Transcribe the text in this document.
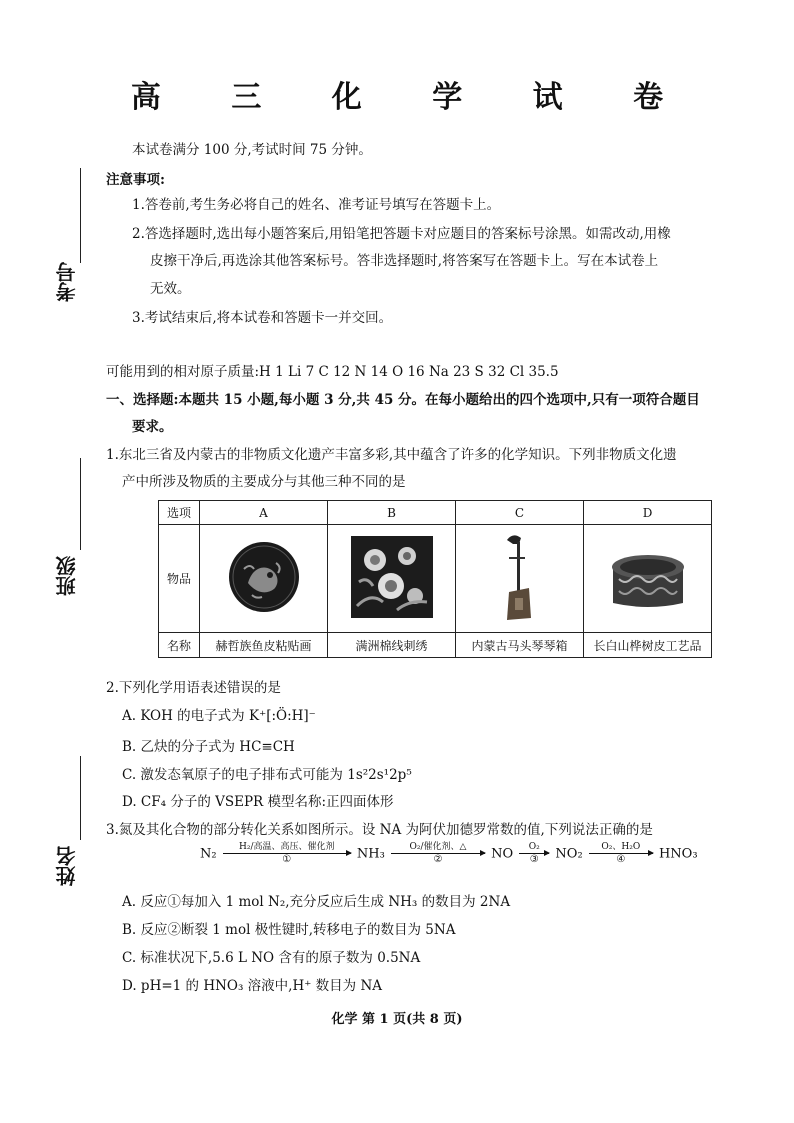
高 三 化 学 试 卷
考号
班级
姓名
本试卷满分 100 分,考试时间 75 分钟。
注意事项:
1.答卷前,考生务必将自己的姓名、准考证号填写在答题卡上。
2.答选择题时,选出每小题答案后,用铅笔把答题卡对应题目的答案标号涂黑。如需改动,用橡
皮擦干净后,再选涂其他答案标号。答非选择题时,将答案写在答题卡上。写在本试卷上
无效。
3.考试结束后,将本试卷和答题卡一并交回。
可能用到的相对原子质量:H 1 Li 7 C 12 N 14 O 16 Na 23 S 32 Cl 35.5
一、选择题:本题共 15 小题,每小题 3 分,共 45 分。在每小题给出的四个选项中,只有一项符合题目
要求。
1.东北三省及内蒙古的非物质文化遗产丰富多彩,其中蕴含了许多的化学知识。下列非物质文化遗
产中所涉及物质的主要成分与其他三种不同的是
选项	A	B	C	D
物品				
名称	赫哲族鱼皮粘贴画	满洲棉线刺绣	内蒙古马头琴琴箱	长白山桦树皮工艺品
2.下列化学用语表述错误的是
A. KOH 的电子式为 K⁺[:Ö:H]⁻
B. 乙炔的分子式为 HC≡CH
C. 激发态氧原子的电子排布式可能为 1s²2s¹2p⁵
D. CF₄ 分子的 VSEPR 模型名称:正四面体形
3.氮及其化合物的部分转化关系如图所示。设 NA 为阿伏加德罗常数的值,下列说法正确的是
N₂	H₂/高温、高压、催化剂
①	NH₃	O₂/催化剂、△
②	NO	O₂
③	NO₂	O₂、H₂O
④	HNO₃
A. 反应①每加入 1 mol N₂,充分反应后生成 NH₃ 的数目为 2NA
B. 反应②断裂 1 mol 极性键时,转移电子的数目为 5NA
C. 标准状况下,5.6 L NO 含有的原子数为 0.5NA
D. pH=1 的 HNO₃ 溶液中,H⁺ 数目为 NA
化学 第 1 页(共 8 页)
